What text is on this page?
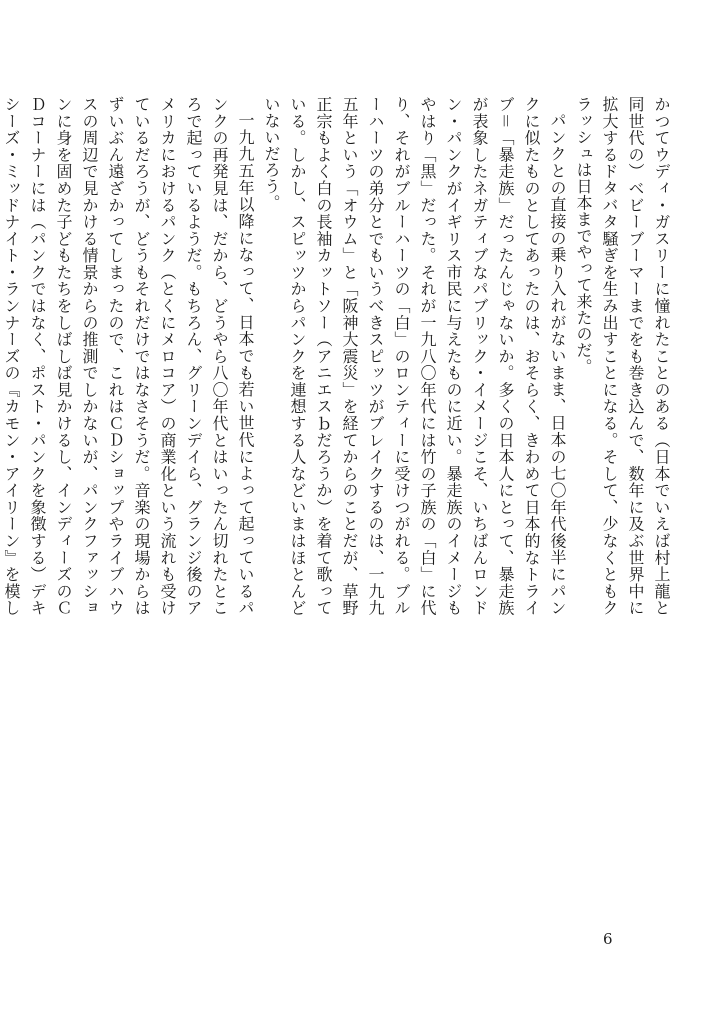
かつてウディ・ガスリーに憧れたことのある（日本でいえば村上龍と同世代の）ベビーブーマーまでをも巻き込んで、数年に及ぶ世界中に拡大するドタバタ騒ぎを生み出すことになる。そして、少なくともクラッシュは日本までやって来たのだ。

パンクとの直接の乗り入れがないまま、日本の七〇年代後半にパンクに似たものとしてあったのは、おそらく、きわめて日本的なトライブ＝「暴走族」だったんじゃないか。多くの日本人にとって、暴走族が表象したネガティブなパブリック・イメージこそ、いちばんロンドン・パンクがイギリス市民に与えたものに近い。暴走族のイメージもやはり「黒」だった。それが一九八〇年代には竹の子族の「白」に代り、それがブルーハーツの「白」のロンティーに受けつがれる。ブルーハーツの弟分とでもいうべきスピッツがブレイクするのは、一九九五年という「オウム」と「阪神大震災」を経てからのことだが、草野正宗もよく白の長袖カットソー（アニエスｂだろうか）を着て歌っている。しかし、スピッツからパンクを連想する人などいまはほとんどいないだろう。

一九九五年以降になって、日本でも若い世代によって起っているパンクの再発見は、だから、どうやら八〇年代とはいったん切れたところで起っているようだ。もちろん、グリーンデイら、グランジ後のアメリカにおけるパンク（とくにメロコア）の商業化という流れも受けているだろうが、どうもそれだけではなさそうだ。音楽の現場からはずいぶん遠ざかってしまったので、これはＣＤショップやライブハウスの周辺で見かける情景からの推測でしかないが、パンクファッションに身を固めた子どもたちをしばしば見かけるし、インディーズのＣＤコーナーには（パンクではなく、ポスト・パンクを象徴する）デキシーズ・ミッドナイト・ランナーズの『カモン・アイリーン』を模し

6
